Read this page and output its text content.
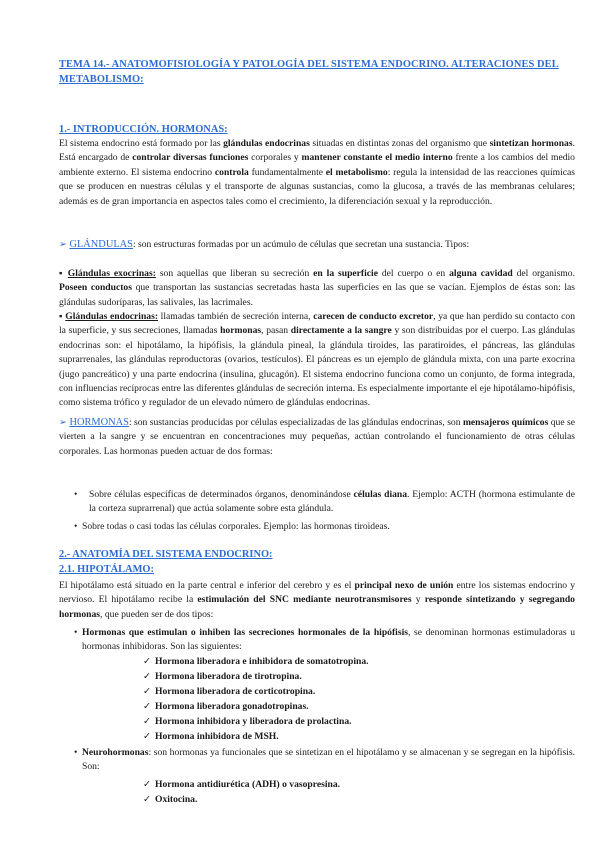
TEMA 14.- ANATOMOFISIOLOGÍA Y PATOLOGÍA DEL SISTEMA ENDOCRINO. ALTERACIONES DEL METABOLISMO:
1.- INTRODUCCIÓN. HORMONAS:
El sistema endocrino está formado por las glándulas endocrinas situadas en distintas zonas del organismo que sintetizan hormonas. Está encargado de controlar diversas funciones corporales y mantener constante el medio interno frente a los cambios del medio ambiente externo. El sistema endocrino controla fundamentalmente el metabolismo: regula la intensidad de las reacciones químicas que se producen en nuestras células y el transporte de algunas sustancias, como la glucosa, a través de las membranas celulares; además es de gran importancia en aspectos tales como el crecimiento, la diferenciación sexual y la reproducción.
➢ GLÁNDULAS: son estructuras formadas por un acúmulo de células que secretan una sustancia. Tipos:
▪ Glándulas exocrinas: son aquellas que liberan su secreción en la superficie del cuerpo o en alguna cavidad del organismo. Poseen conductos que transportan las sustancias secretadas hasta las superficies en las que se vacían. Ejemplos de éstas son: las glándulas sudoríparas, las salivales, las lacrimales.
▪ Glándulas endocrinas: llamadas también de secreción interna, carecen de conducto excretor, ya que han perdido su contacto con la superficie, y sus secreciones, llamadas hormonas, pasan directamente a la sangre y son distribuidas por el cuerpo. Las glándulas endocrinas son: el hipotálamo, la hipófisis, la glándula pineal, la glándula tiroides, las paratiroides, el páncreas, las glándulas suprarrenales, las glándulas reproductoras (ovarios, testículos). El páncreas es un ejemplo de glándula mixta, con una parte exocrina (jugo pancreático) y una parte endocrina (insulina, glucagón). El sistema endocrino funciona como un conjunto, de forma integrada, con influencias recíprocas entre las diferentes glándulas de secreción interna. Es especialmente importante el eje hipotálamo-hipófisis, como sistema trófico y regulador de un elevado número de glándulas endocrinas.
➢ HORMONAS: son sustancias producidas por células especializadas de las glándulas endocrinas, son mensajeros químicos que se vierten a la sangre y se encuentran en concentraciones muy pequeñas, actúan controlando el funcionamiento de otras células corporales. Las hormonas pueden actuar de dos formas:
• Sobre células específicas de determinados órganos, denominándose células diana. Ejemplo: ACTH (hormona estimulante de la corteza suprarrenal) que actúa solamente sobre esta glándula.
• Sobre todas o casi todas las células corporales. Ejemplo: las hormonas tiroideas.
2.- ANATOMÍA DEL SISTEMA ENDOCRINO:
2.1. HIPOTÁLAMO:
El hipotálamo está situado en la parte central e inferior del cerebro y es el principal nexo de unión entre los sistemas endocrino y nervioso. El hipotálamo recibe la estimulación del SNC mediante neurotransmisores y responde sintetizando y segregando hormonas, que pueden ser de dos tipos:
• Hormonas que estimulan o inhiben las secreciones hormonales de la hipófisis, se denominan hormonas estimuladoras u hormonas inhibidoras. Son las siguientes:
✓ Hormona liberadora e inhibidora de somatotropina.
✓ Hormona liberadora de tirotropina.
✓ Hormona liberadora de corticotropina.
✓ Hormona liberadora gonadotropinas.
✓ Hormona inhibidora y liberadora de prolactina.
✓ Hormona inhibidora de MSH.
• Neurohormonas: son hormonas ya funcionales que se sintetizan en el hipotálamo y se almacenan y se segregan en la hipófisis. Son:
✓ Hormona antidiurética (ADH) o vasopresina.
✓ Oxitocina.
